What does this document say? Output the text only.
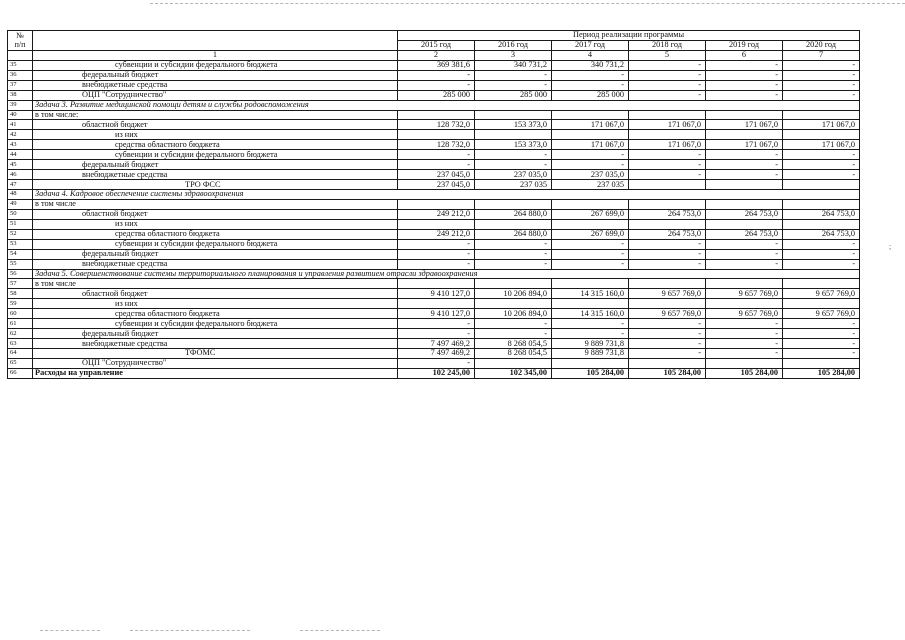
№
п/п		Период реализации программы					
		2015 год	2016 год	2017 год	2018 год	2019 год	2020 год
	1	2	3	4	5	6	7
35	субвенции и субсидии федерального бюджета	369 381,6	340 731,2	340 731,2	-	-	-
36	федеральный бюджет	-	-	-	-	-	-
37	внебюджетные средства	-	-	-	-	-	-
38	ОЦП "Сотрудничество"	285 000	285 000	285 000	-	-	-
39	Задача 3. Развитие медицинской помощи детям и службы родовспоможения						
40	в том числе:						
41	областной бюджет	128 732,0	153 373,0	171 067,0	171 067,0	171 067,0	171 067,0
42	из них						
43	средства областного бюджета	128 732,0	153 373,0	171 067,0	171 067,0	171 067,0	171 067,0
44	субвенции и субсидии федерального бюджета	-	-	-	-	-	-
45	федеральный бюджет	-	-	-	-	-	-
46	внебюджетные средства	237 045,0	237 035,0	237 035,0	-	-	-
47	ТРО ФСС	237 045,0	237 035	237 035			
48	Задача 4. Кадровое обеспечение системы здравоохранения						
49	в том числе						
50	областной бюджет	249 212,0	264 880,0	267 699,0	264 753,0	264 753,0	264 753,0
51	из них						
52	средства областного бюджета	249 212,0	264 880,0	267 699,0	264 753,0	264 753,0	264 753,0
53	субвенции и субсидии федерального бюджета	-	-	-	-	-	-
54	федеральный бюджет	-	-	-	-	-	-
55	внебюджетные средства	-	-	-	-	-	-
56	Задача 5. Совершенствование системы территориального планирования и управления развитием отрасли здравоохранения						
57	в том числе						
58	областной бюджет	9 410 127,0	10 206 894,0	14 315 160,0	9 657 769,0	9 657 769,0	9 657 769,0
59	из них						
60	средства областного бюджета	9 410 127,0	10 206 894,0	14 315 160,0	9 657 769,0	9 657 769,0	9 657 769,0
61	субвенции и субсидии федерального бюджета	-	-	-	-	-	-
62	федеральный бюджет	-	-	-	-	-	-
63	внебюджетные средства	7 497 469,2	8 268 054,5	9 889 731,8	-	-	-
64	ТФОМС	7 497 469,2	8 268 054,5	9 889 731,8	-	-	-
65	ОЦП "Сотрудничество"	-					
66	Расходы на управление	102 245,00	102 345,00	105 284,00	105 284,00	105 284,00	105 284,00
;
